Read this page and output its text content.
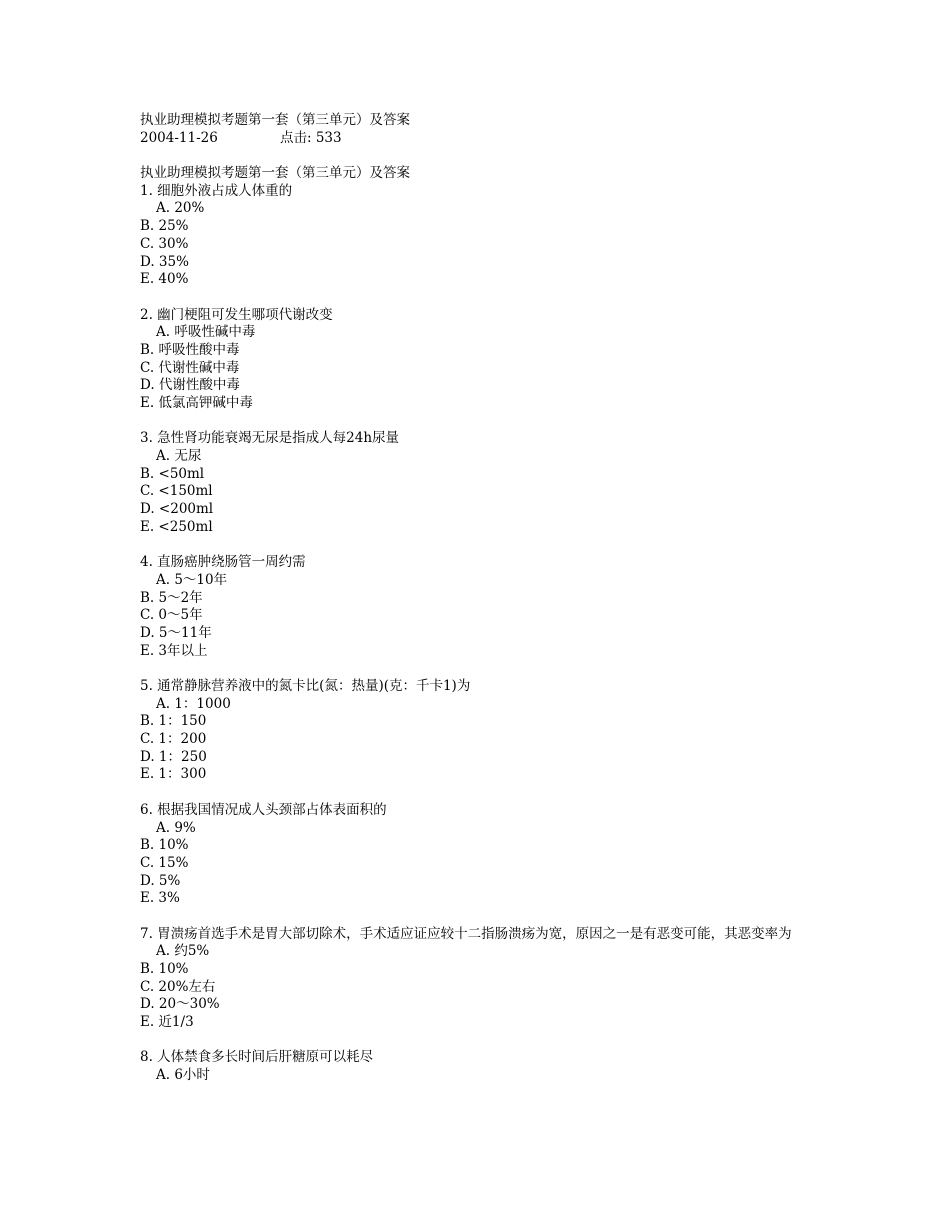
执业助理模拟考题第一套（第三单元）及答案
2004-11-26	点击: 533
执业助理模拟考题第一套（第三单元）及答案
1. 细胞外液占成人体重的
A. 20%
B. 25%
C. 30%
D. 35%
E. 40%
2. 幽门梗阻可发生哪项代谢改变
A. 呼吸性碱中毒
B. 呼吸性酸中毒
C. 代谢性碱中毒
D. 代谢性酸中毒
E. 低氯高钾碱中毒
3. 急性肾功能衰竭无尿是指成人每24h尿量
A. 无尿
B. <50ml
C. <150ml
D. <200ml
E. <250ml
4. 直肠癌肿绕肠管一周约需
A. 5～10年
B. 5～2年
C. 0～5年
D. 5～11年
E. 3年以上
5. 通常静脉营养液中的氮卡比(氮：热量)(克：千卡1)为
A. 1：1000
B. 1：150
C. 1：200
D. 1：250
E. 1：300
6. 根据我国情况成人头颈部占体表面积的
A. 9%
B. 10%
C. 15%
D. 5%
E. 3%
7. 胃溃疡首选手术是胃大部切除术，手术适应证应较十二指肠溃疡为宽，原因之一是有恶变可能，其恶变率为
A. 约5%
B. 10%
C. 20%左右
D. 20～30%
E. 近1/3
8. 人体禁食多长时间后肝糖原可以耗尽
A. 6小时
